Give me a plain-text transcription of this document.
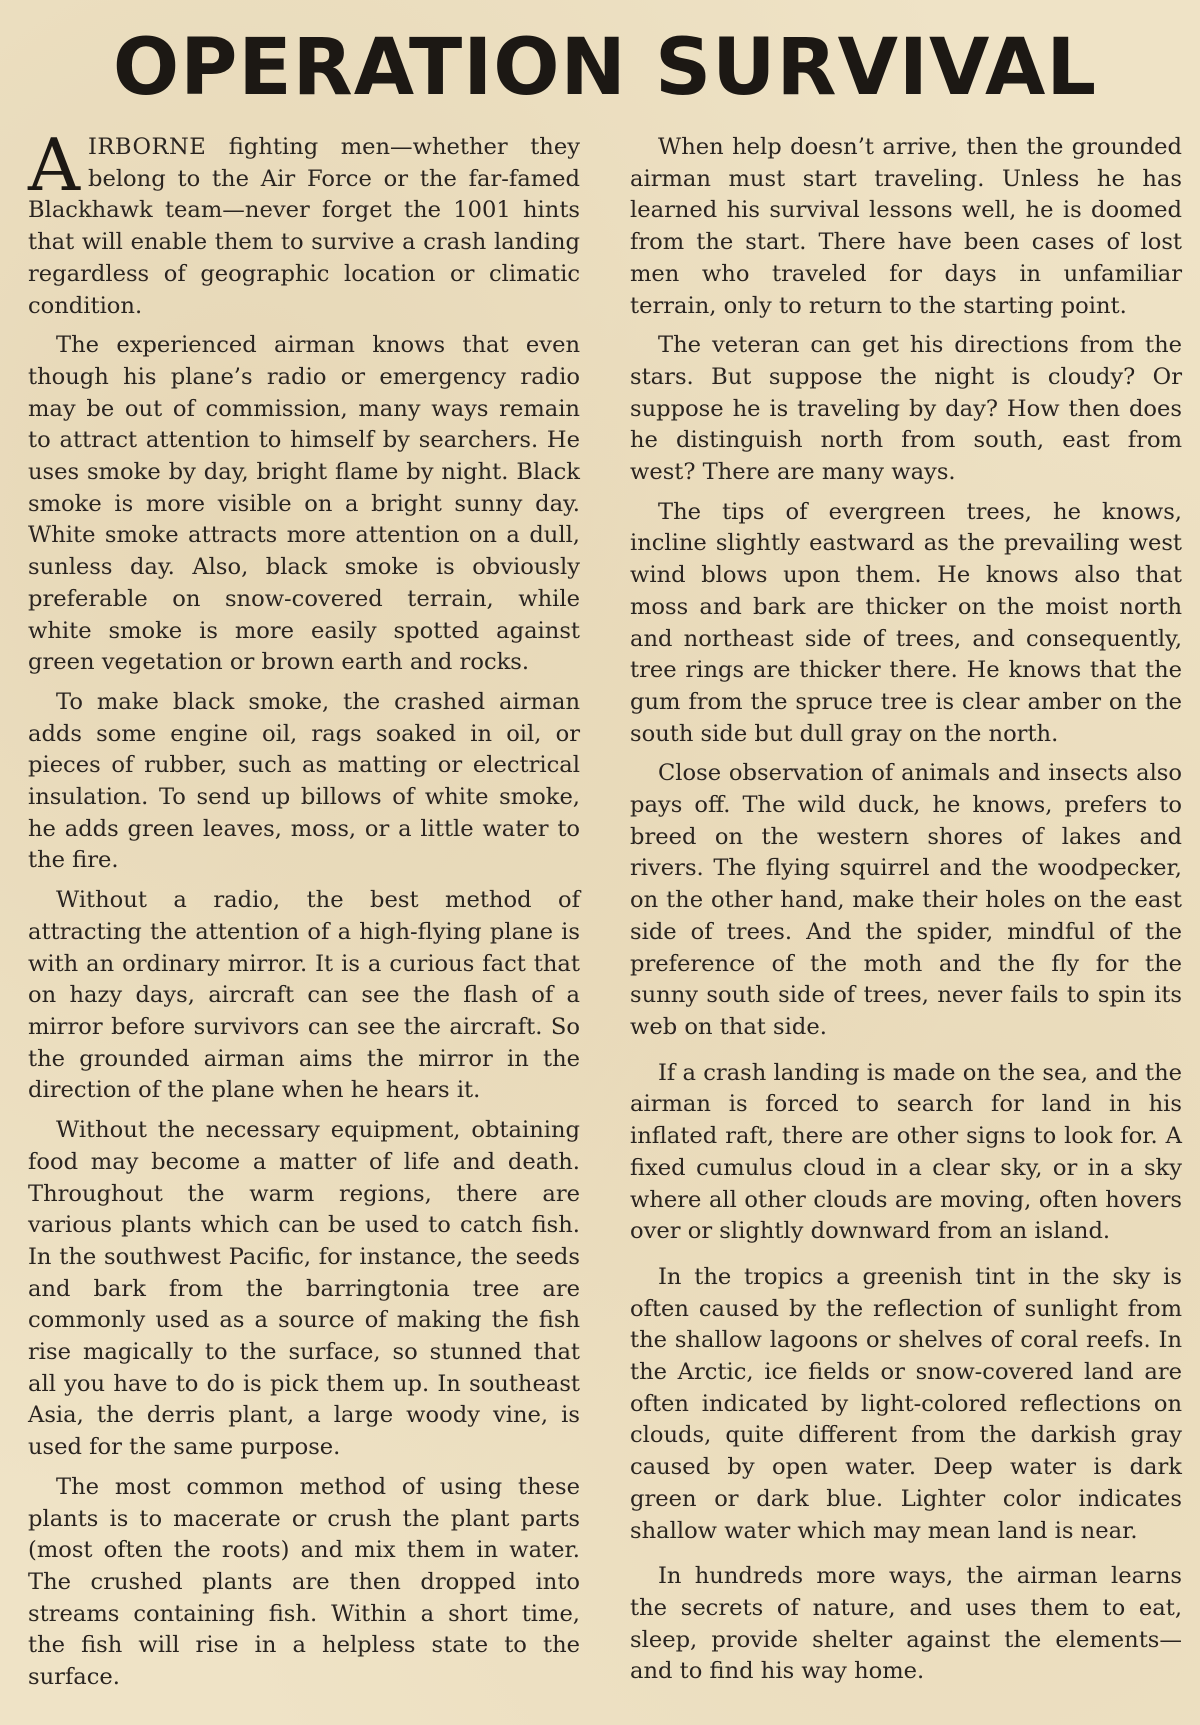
OPERATION SURVIVAL

AIRBORNE fighting men—whether they belong to the Air Force or the far-famed Blackhawk team—never forget the 1001 hints that will enable them to survive a crash landing regardless of geographic location or climatic condition.

The experienced airman knows that even though his plane’s radio or emergency radio may be out of commission, many ways remain to attract attention to himself by searchers. He uses smoke by day, bright flame by night. Black smoke is more visible on a bright sunny day. White smoke attracts more attention on a dull, sunless day. Also, black smoke is obviously preferable on snow-covered terrain, while white smoke is more easily spotted against green vegetation or brown earth and rocks.

To make black smoke, the crashed airman adds some engine oil, rags soaked in oil, or pieces of rubber, such as matting or electrical insulation. To send up billows of white smoke, he adds green leaves, moss, or a little water to the fire.

Without a radio, the best method of attracting the attention of a high-flying plane is with an ordinary mirror. It is a curious fact that on hazy days, aircraft can see the flash of a mirror before survivors can see the aircraft. So the grounded airman aims the mirror in the direction of the plane when he hears it.

Without the necessary equipment, obtaining food may become a matter of life and death. Throughout the warm regions, there are various plants which can be used to catch fish. In the southwest Pacific, for instance, the seeds and bark from the barringtonia tree are commonly used as a source of making the fish rise magically to the surface, so stunned that all you have to do is pick them up. In southeast Asia, the derris plant, a large woody vine, is used for the same purpose.

The most common method of using these plants is to macerate or crush the plant parts (most often the roots) and mix them in water. The crushed plants are then dropped into streams containing fish. Within a short time, the fish will rise in a helpless state to the surface.

When help doesn’t arrive, then the grounded airman must start traveling. Unless he has learned his survival lessons well, he is doomed from the start. There have been cases of lost men who traveled for days in unfamiliar terrain, only to return to the starting point.

The veteran can get his directions from the stars. But suppose the night is cloudy? Or suppose he is traveling by day? How then does he distinguish north from south, east from west? There are many ways.

The tips of evergreen trees, he knows, incline slightly eastward as the prevailing west wind blows upon them. He knows also that moss and bark are thicker on the moist north and northeast side of trees, and consequently, tree rings are thicker there. He knows that the gum from the spruce tree is clear amber on the south side but dull gray on the north.

Close observation of animals and insects also pays off. The wild duck, he knows, prefers to breed on the western shores of lakes and rivers. The flying squirrel and the woodpecker, on the other hand, make their holes on the east side of trees. And the spider, mindful of the preference of the moth and the fly for the sunny south side of trees, never fails to spin its web on that side.

If a crash landing is made on the sea, and the airman is forced to search for land in his inflated raft, there are other signs to look for. A fixed cumulus cloud in a clear sky, or in a sky where all other clouds are moving, often hovers over or slightly downward from an island.

In the tropics a greenish tint in the sky is often caused by the reflection of sunlight from the shallow lagoons or shelves of coral reefs. In the Arctic, ice fields or snow-covered land are often indicated by light-colored reflections on clouds, quite different from the darkish gray caused by open water. Deep water is dark green or dark blue. Lighter color indicates shallow water which may mean land is near.

In hundreds more ways, the airman learns the secrets of nature, and uses them to eat, sleep, provide shelter against the elements—and to find his way home.
